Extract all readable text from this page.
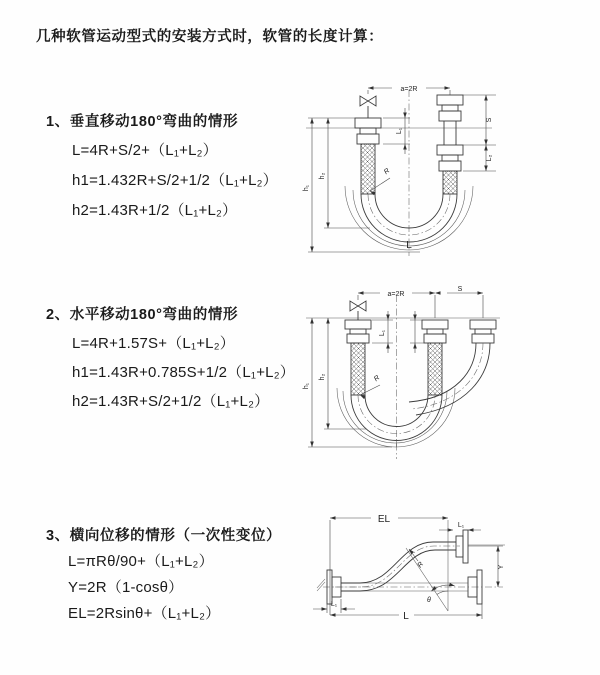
几种软管运动型式的安装方式时，软管的长度计算：
1、垂直移动180°弯曲的情形
L=4R+S/2+（L₁+L₂）
h1=1.432R+S/2+1/2（L₁+L₂）
h2=1.43R+1/2（L₁+L₂）
a=2R
h₁
h₂
L₁
S
L₂
R
L
2、水平移动180°弯曲的情形
L=4R+1.57S+（L₁+L₂）
h1=1.43R+0.785S+1/2（L₁+L₂）
h2=1.43R+S/2+1/2（L₁+L₂）
a=2R
S
h₁
h₂
L₁
R
3、横向位移的情形（一次性变位）
L=πRθ/90+（L₁+L₂）
Y=2R（1-cosθ）
EL=2Rsinθ+（L₁+L₂）
EL
L₁
Y
θ
R
L₁
L
